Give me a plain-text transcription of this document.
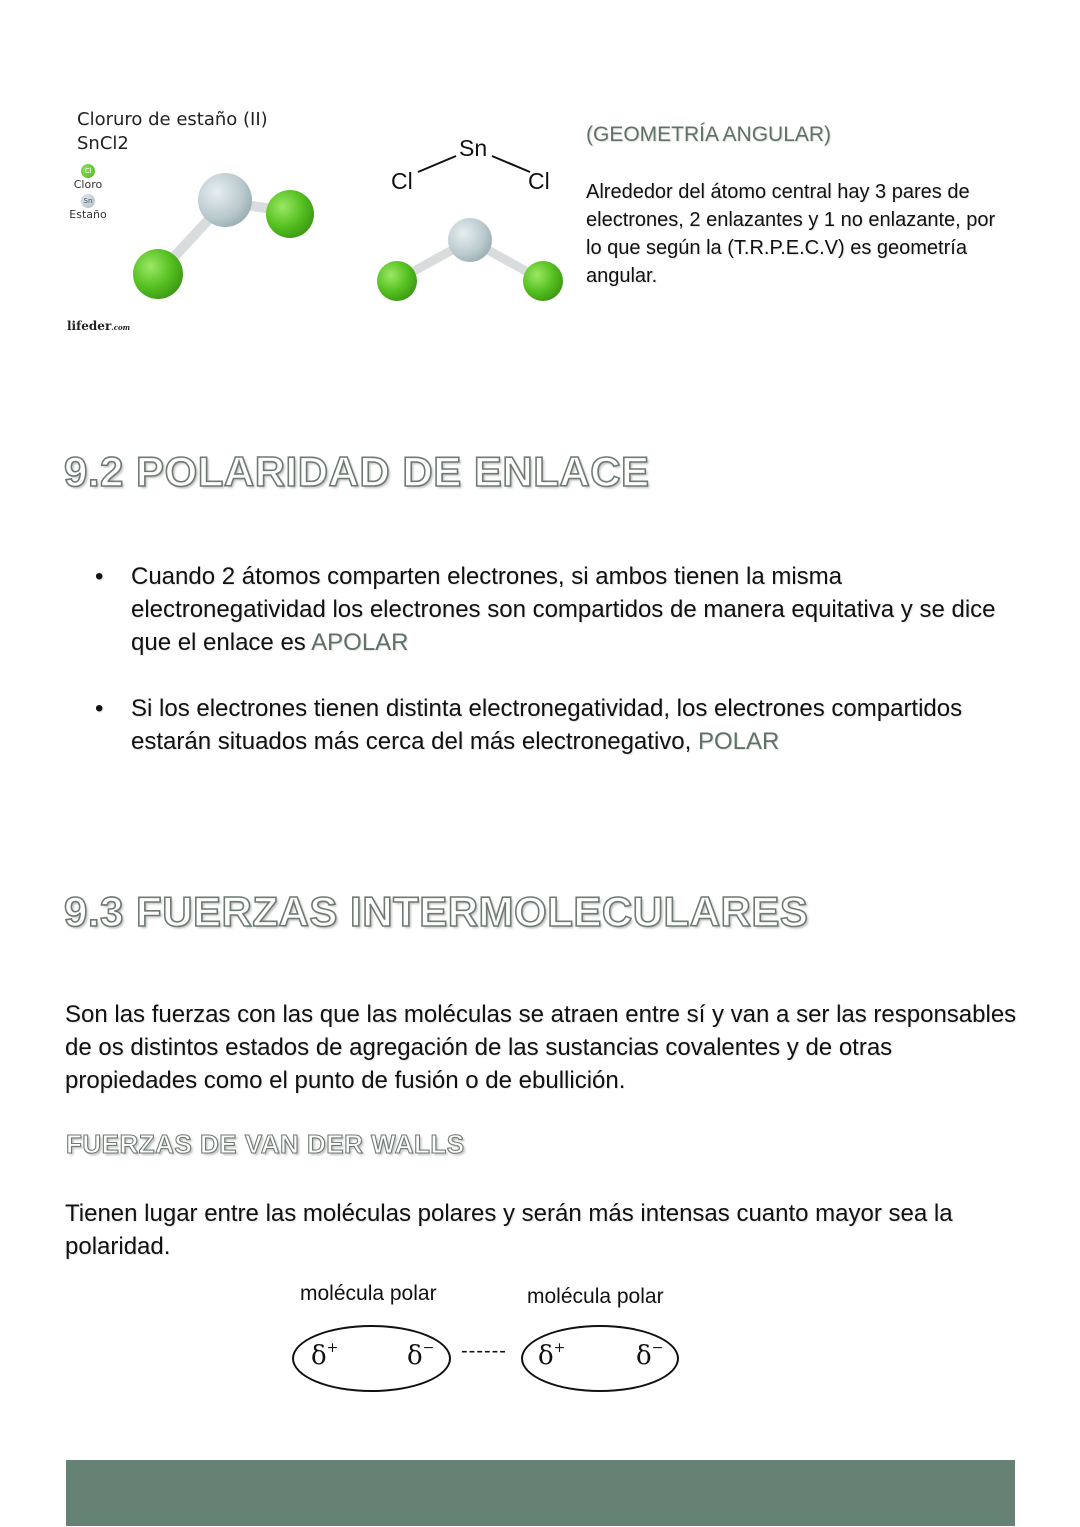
Cloruro de estaño (II)
SnCl2
Cl
Cloro
Sn
Estaño
lifeder.com
Sn
Cl	Cl
(GEOMETRÍA ANGULAR)
Alrededor del átomo central hay 3 pares de electrones, 2 enlazantes y 1 no enlazante, por lo que según la (T.R.P.E.C.V) es geometría angular.
9.2 POLARIDAD DE ENLACE
• Cuando 2 átomos comparten electrones, si ambos tienen la misma electronegatividad los electrones son compartidos de manera equitativa y se dice que el enlace es APOLAR
• Si los electrones tienen distinta electronegatividad, los electrones compartidos estarán situados más cerca del más electronegativo, POLAR
9.3 FUERZAS INTERMOLECULARES
Son las fuerzas con las que las moléculas se atraen entre sí y van a ser las responsables de os distintos estados de agregación de las sustancias covalentes y de otras propiedades como el punto de fusión o de ebullición.
FUERZAS DE VAN DER WALLS
Tienen lugar entre las moléculas polares y serán más intensas cuanto mayor sea la polaridad.
molécula polar	molécula polar
δ+	δ− ------ δ+	δ−
